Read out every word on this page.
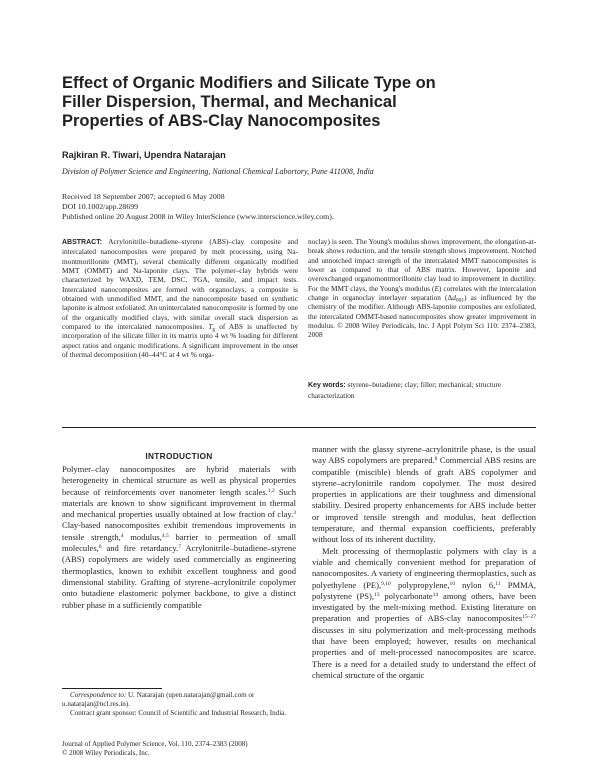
Effect of Organic Modifiers and Silicate Type on
Filler Dispersion, Thermal, and Mechanical
Properties of ABS-Clay Nanocomposites
Rajkiran R. Tiwari, Upendra Natarajan
Division of Polymer Science and Engineering, National Chemical Labortory, Pune 411008, India
Received 18 September 2007; accepted 6 May 2008
DOI 10.1002/app.28699
Published online 20 August 2008 in Wiley InterScience (www.interscience.wiley.com).

ABSTRACT: Acrylonitrile–butadiene–styrene (ABS)–clay composite and intercalated nanocomposites were prepared by melt processing, using Na-montmorillonite (MMT), several chemically different organically modified MMT (OMMT) and Na-laponite clays. The polymer–clay hybrids were characterized by WAXD, TEM, DSC, TGA, tensile, and impact tests. Intercalated nanocomposites are formed with organoclays, a composite is obtained with unmodified MMT, and the nanocomposite based on synthetic laponite is almost exfoliated. An unintercalated nanocomposite is formed by one of the organically modified clays, with similar overall stack dispersion as compared to the intercalated nanocomposites. $T_g$ of ABS is unaffected by incorporation of the silicate filler in its matrix upto 4 wt % loading for different aspect ratios and organic modifications. A significant improvement in the onset of thermal decomposition (40–44°C at 4 wt % orga-

noclay) is seen. The Young's modulus shows improvement, the elongation-at-break shows reduction, and the tensile strength shows improvement. Notched and unnotched impact strength of the intercalated MMT nanocomposites is lower as compared to that of ABS matrix. However, laponite and overexchanged organomontmorillonite clay lead to improvement in ductility. For the MMT clays, the Young's modulus (E) correlates with the intercalation change in organoclay interlayer separation $(\Delta d_{001})$ as influenced by the chemistry of the modifier. Although ABS-laponite composites are exfoliated, the intercalated OMMT-based nanocomposites show greater improvement in modulus. © 2008 Wiley Periodicals, Inc. J Appl Polym Sci 110: 2374–2383, 2008

Key words: styrene–butadiene; clay; filler; mechanical; structure characterization
INTRODUCTION

Polymer–clay nanocomposites are hybrid materials with heterogeneity in chemical structure as well as physical properties because of reinforcements over nanometer length scales.$^{1,2}$ Such materials are known to show significant improvement in thermal and mechanical properties usually obtained at low fraction of clay.$^3$ Clay-based nanocomposites exhibit tremendous improvements in tensile strength,$^4$ modulus,$^{4,5}$ barrier to permeation of small molecules,$^6$ and fire retardancy.$^7$ Acrylonitrile–butadiene–styrene (ABS) copolymers are widely used commercially as engineering thermoplastics, known to exhibit excellent toughness and good dimensional stability. Grafting of styrene–acrylonitrile copolymer onto butadiene elastomeric polymer backbone, to give a distinct rubber phase in a sufficiently compatible

manner with the glassy styrene–acrylonitrile phase, is the usual way ABS copolymers are prepared.$^8$ Commercial ABS resins are compatible (miscible) blends of graft ABS copolymer and styrene–acrylonitrile random copolymer. The most desired properties in applications are their toughness and dimensional stability. Desired property enhancements for ABS include better or improved tensile strength and modulus, heat deflection temperature, and thermal expansion coefficients, preferably without loss of its inherent ductility.

Melt processing of thermoplastic polymers with clay is a viable and chemically convenient method for preparation of nanocomposites. A variety of engineering thermoplastics, such as polyethylene (PE),$^{9,10}$ polypropylene,$^{10}$ nylon 6,11 PMMA, polystyrene (PS),$^{13}$ polycarbonate$^{14}$ among others, have been investigated by the melt-mixing method. Existing literature on preparation and properties of ABS-clay nanocomposites$^{15-27}$ discusses in situ polymerization and melt-processing methods that have been employed; however, results on mechanical properties and of melt-processed nanocomposites are scarce. There is a need for a detailed study to understand the effect of chemical structure of the organic

Correspondence to: U. Natarajan (upen.natarajan@gmail.com or u.natarajan@ncl.res.in).

Contract grant sponsor: Council of Scientific and Industrial Research, India.

Journal of Applied Polymer Science, Vol. 110, 2374–2383 (2008)
© 2008 Wiley Periodicals, Inc.
